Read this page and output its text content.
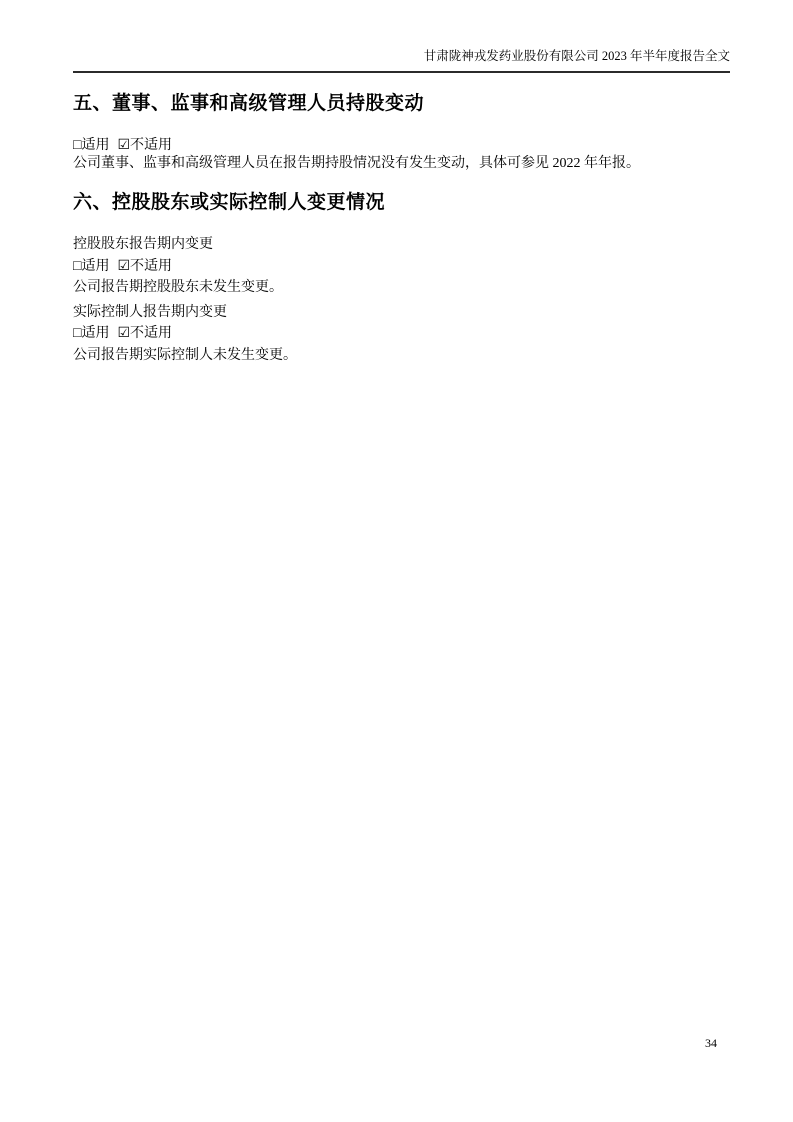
甘肃陇神戎发药业股份有限公司 2023 年半年度报告全文
五、董事、监事和高级管理人员持股变动
□ 适用 ☑ 不适用
公司董事、监事和高级管理人员在报告期持股情况没有发生变动，具体可参见 2022 年年报。
六、控股股东或实际控制人变更情况
控股股东报告期内变更
□ 适用 ☑ 不适用
公司报告期控股股东未发生变更。
实际控制人报告期内变更
□ 适用 ☑ 不适用
公司报告期实际控制人未发生变更。
34
